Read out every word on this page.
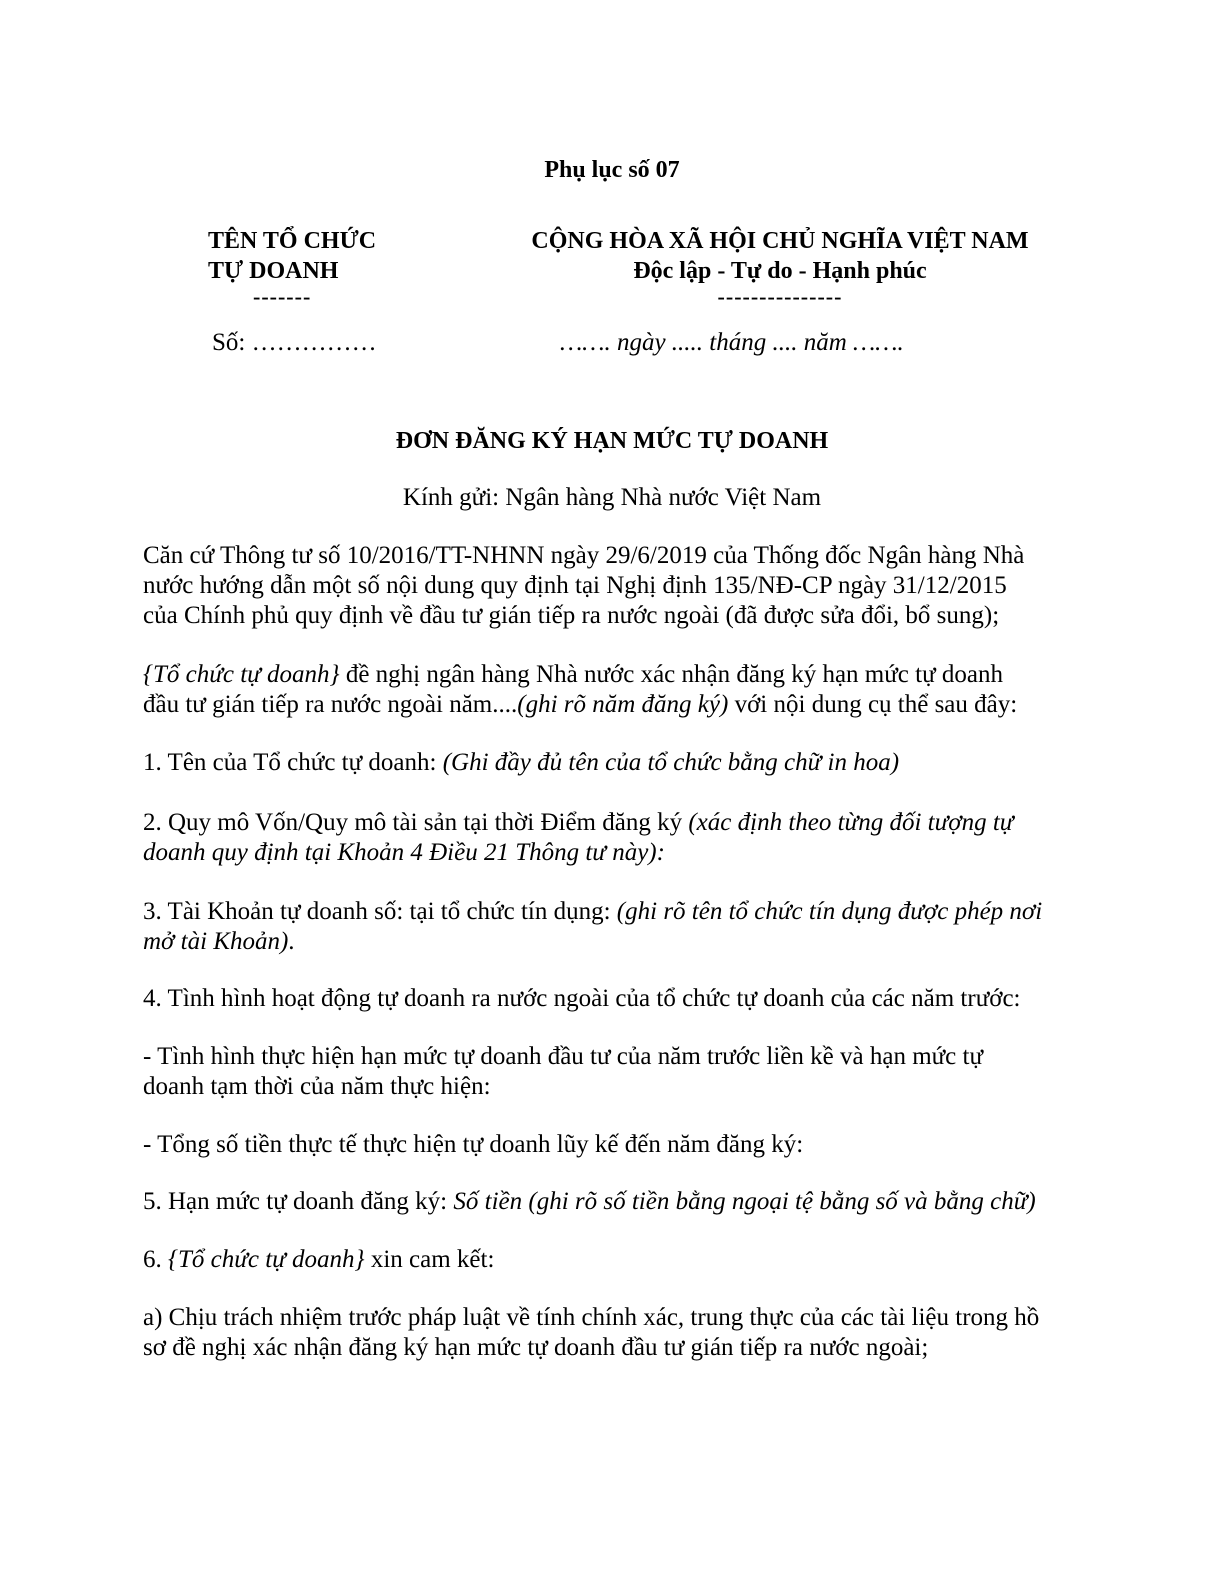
Phụ lục số 07
TÊN TỔ CHỨC
TỰ DOANH
-------
CỘNG HÒA XÃ HỘI CHỦ NGHĨA VIỆT NAM
Độc lập - Tự do - Hạnh phúc
---------------
Số: ……………	……. ngày ..... tháng .... năm …….
ĐƠN ĐĂNG KÝ HẠN MỨC TỰ DOANH
Kính gửi: Ngân hàng Nhà nước Việt Nam

Căn cứ Thông tư số 10/2016/TT-NHNN ngày 29/6/2019 của Thống đốc Ngân hàng Nhà

nước hướng dẫn một số nội dung quy định tại Nghị định 135/NĐ-CP ngày 31/12/2015

của Chính phủ quy định về đầu tư gián tiếp ra nước ngoài (đã được sửa đổi, bổ sung);

{Tổ chức tự doanh} đề nghị ngân hàng Nhà nước xác nhận đăng ký hạn mức tự doanh

đầu tư gián tiếp ra nước ngoài năm....(ghi rõ năm đăng ký) với nội dung cụ thể sau đây:

1. Tên của Tổ chức tự doanh: (Ghi đầy đủ tên của tổ chức bằng chữ in hoa)

2. Quy mô Vốn/Quy mô tài sản tại thời Điểm đăng ký (xác định theo từng đối tượng tự

doanh quy định tại Khoản 4 Điều 21 Thông tư này):

3. Tài Khoản tự doanh số: tại tổ chức tín dụng: (ghi rõ tên tổ chức tín dụng được phép nơi

mở tài Khoản).

4. Tình hình hoạt động tự doanh ra nước ngoài của tổ chức tự doanh của các năm trước:

- Tình hình thực hiện hạn mức tự doanh đầu tư của năm trước liền kề và hạn mức tự

doanh tạm thời của năm thực hiện:

- Tổng số tiền thực tế thực hiện tự doanh lũy kế đến năm đăng ký:

5. Hạn mức tự doanh đăng ký: Số tiền (ghi rõ số tiền bằng ngoại tệ bằng số và bằng chữ)

6. {Tổ chức tự doanh} xin cam kết:

a) Chịu trách nhiệm trước pháp luật về tính chính xác, trung thực của các tài liệu trong hồ

sơ đề nghị xác nhận đăng ký hạn mức tự doanh đầu tư gián tiếp ra nước ngoài;
